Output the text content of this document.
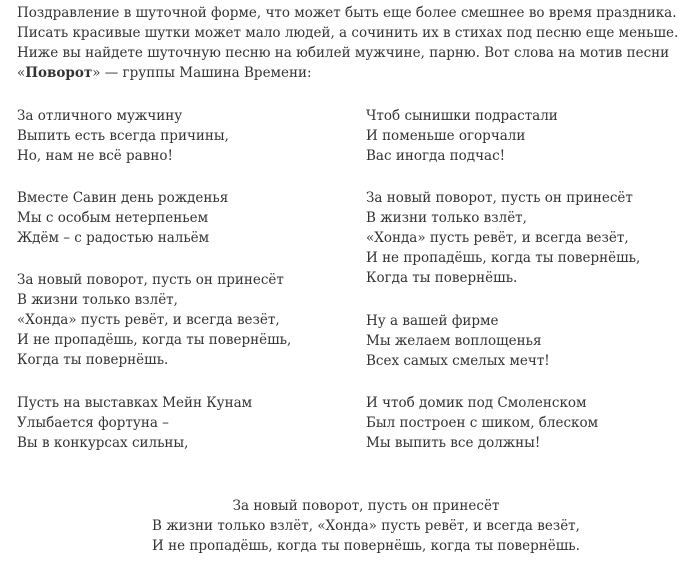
Поздравление в шуточной форме, что может быть еще более смешнее во время праздника.

Писать красивые шутки может мало людей, а сочинить их в стихах под песню еще меньше.

Ниже вы найдете шуточную песню на юбилей мужчине, парню. Вот слова на мотив песни

«Поворот» — группы Машина Времени:

За отличного мужчину
Выпить есть всегда причины,
Но, нам не всё равно!
Вместе Савин день рожденья
Мы с особым нетерпеньем
Ждём – с радостью нальём
За новый поворот, пусть он принесёт
В жизни только взлёт,
«Хонда» пусть ревёт, и всегда везёт,
И не пропадёшь, когда ты повернёшь,
Когда ты повернёшь.
Пусть на выставках Мейн Кунам
Улыбается фортуна –
Вы в конкурсах сильны,
Чтоб сынишки подрастали
И поменьше огорчали
Вас иногда подчас!
За новый поворот, пусть он принесёт
В жизни только взлёт,
«Хонда» пусть ревёт, и всегда везёт,
И не пропадёшь, когда ты повернёшь,
Когда ты повернёшь.
Ну а вашей фирме
Мы желаем воплощенья
Всех самых смелых мечт!
И чтоб домик под Смоленском
Был построен с шиком, блеском
Мы выпить все должны!
За новый поворот, пусть он принесёт
В жизни только взлёт, «Хонда» пусть ревёт, и всегда везёт,
И не пропадёшь, когда ты повернёшь, когда ты повернёшь.
